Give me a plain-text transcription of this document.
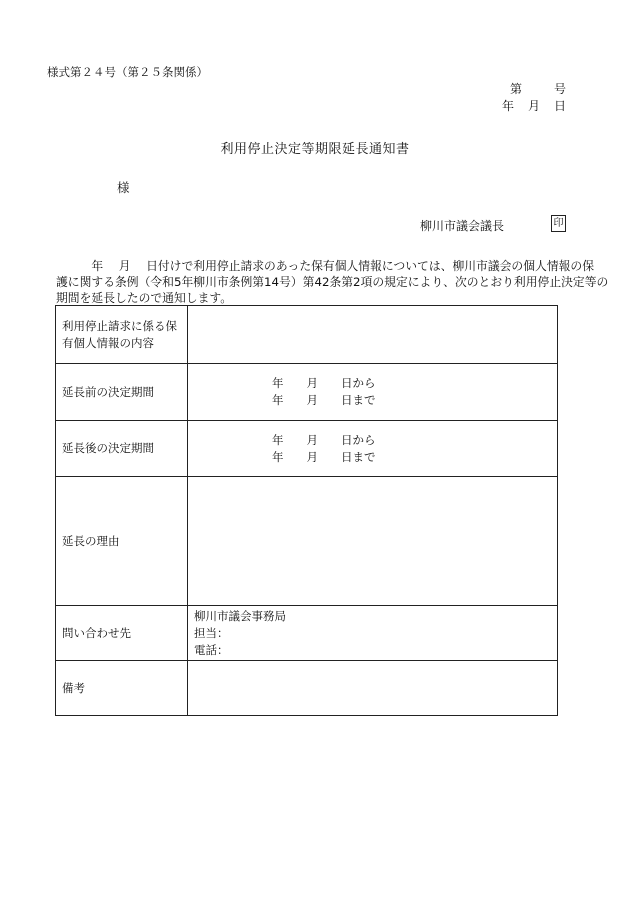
様式第２４号（第２５条関係）
第	号
年 月 日
利用停止決定等期限延長通知書
様
柳川市議会議長	印
　　　年　 月　 日付けで利用停止請求のあった保有個人情報については、柳川市議会の個人情報の保
護に関する条例（令和5年柳川市条例第14号）第42条第2項の規定により、次のとおり利用停止決定等の
期間を延長したので通知します。
利用停止請求に係る保
有個人情報の内容	

延長前の決定期間	年　　月　　日から
年　　月　　日まで

延長後の決定期間	年　　月　　日から
年　　月　　日まで

延長の理由	
問い合わせ先	柳川市議会事務局
担当：
電話：

備考	
